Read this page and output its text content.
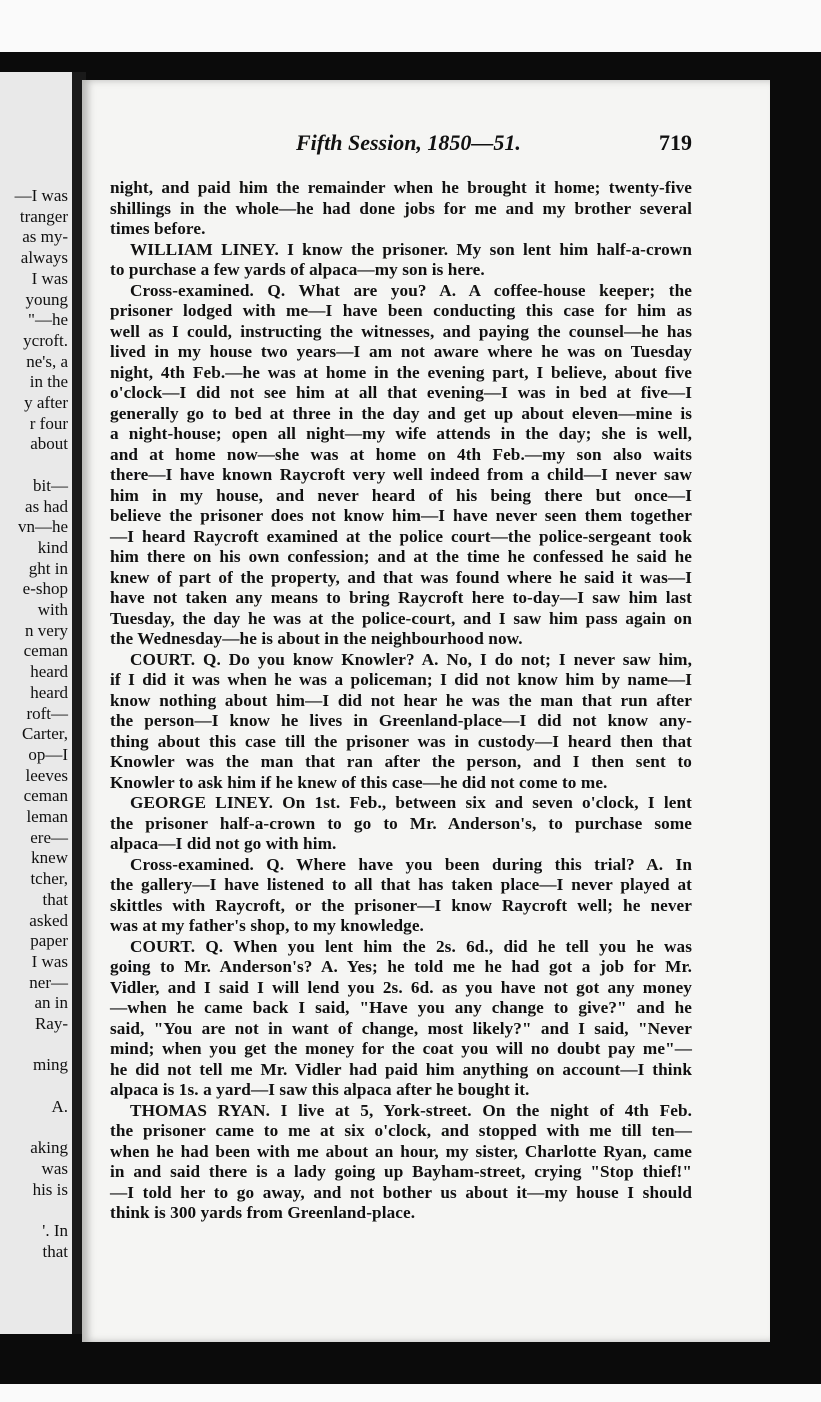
—I was
tranger
as my-
always
I was
young
"—he
ycroft.
ne's, a
in the
y after
r four
about
bit—
as had
vn—he
kind
ght in
e-shop
with
n very
ceman
heard
heard
roft—
Carter,
op—I
leeves
ceman
leman
ere—
knew
tcher,
that
asked
paper
I was
ner—
an in
Ray-
ming
A.
aking
was
his is
'. In
that
Fifth Session, 1850—51.	719
night, and paid him the remainder when he brought it home; twenty-five
shillings in the whole—he had done jobs for me and my brother several
times before.
WILLIAM LINEY. I know the prisoner. My son lent him half-a-crown
to purchase a few yards of alpaca—my son is here.
Cross-examined. Q. What are you? A. A coffee-house keeper; the
prisoner lodged with me—I have been conducting this case for him as
well as I could, instructing the witnesses, and paying the counsel—he has
lived in my house two years—I am not aware where he was on Tuesday
night, 4th Feb.—he was at home in the evening part, I believe, about five
o'clock—I did not see him at all that evening—I was in bed at five—I
generally go to bed at three in the day and get up about eleven—mine is
a night-house; open all night—my wife attends in the day; she is well,
and at home now—she was at home on 4th Feb.—my son also waits
there—I have known Raycroft very well indeed from a child—I never saw
him in my house, and never heard of his being there but once—I
believe the prisoner does not know him—I have never seen them together
—I heard Raycroft examined at the police court—the police-sergeant took
him there on his own confession; and at the time he confessed he said he
knew of part of the property, and that was found where he said it was—I
have not taken any means to bring Raycroft here to-day—I saw him last
Tuesday, the day he was at the police-court, and I saw him pass again on
the Wednesday—he is about in the neighbourhood now.
COURT. Q. Do you know Knowler? A. No, I do not; I never saw him,
if I did it was when he was a policeman; I did not know him by name—I
know nothing about him—I did not hear he was the man that run after
the person—I know he lives in Greenland-place—I did not know any-
thing about this case till the prisoner was in custody—I heard then that
Knowler was the man that ran after the person, and I then sent to
Knowler to ask him if he knew of this case—he did not come to me.
GEORGE LINEY. On 1st. Feb., between six and seven o'clock, I lent
the prisoner half-a-crown to go to Mr. Anderson's, to purchase some
alpaca—I did not go with him.
Cross-examined. Q. Where have you been during this trial? A. In
the gallery—I have listened to all that has taken place—I never played at
skittles with Raycroft, or the prisoner—I know Raycroft well; he never
was at my father's shop, to my knowledge.
COURT. Q. When you lent him the 2s. 6d., did he tell you he was
going to Mr. Anderson's? A. Yes; he told me he had got a job for Mr.
Vidler, and I said I will lend you 2s. 6d. as you have not got any money
—when he came back I said, "Have you any change to give?" and he
said, "You are not in want of change, most likely?" and I said, "Never
mind; when you get the money for the coat you will no doubt pay me"—
he did not tell me Mr. Vidler had paid him anything on account—I think
alpaca is 1s. a yard—I saw this alpaca after he bought it.
THOMAS RYAN. I live at 5, York-street. On the night of 4th Feb.
the prisoner came to me at six o'clock, and stopped with me till ten—
when he had been with me about an hour, my sister, Charlotte Ryan, came
in and said there is a lady going up Bayham-street, crying "Stop thief!"
—I told her to go away, and not bother us about it—my house I should
think is 300 yards from Greenland-place.
